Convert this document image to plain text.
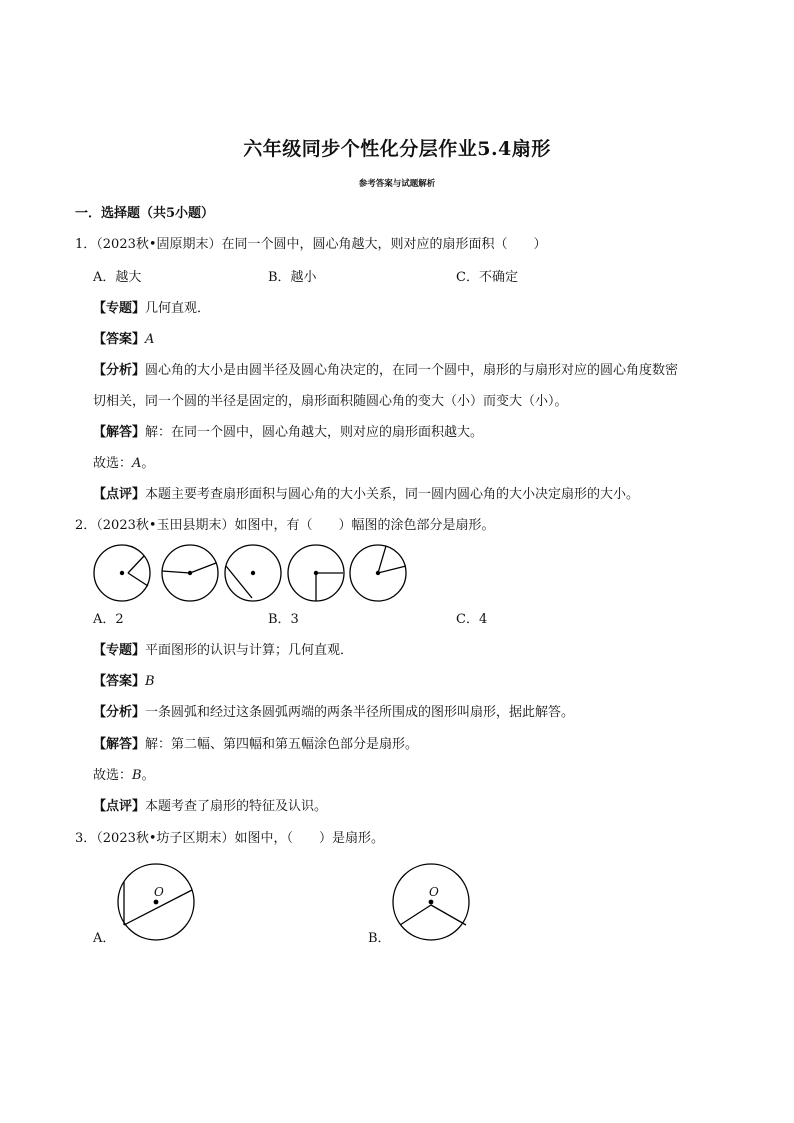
六年级同步个性化分层作业5.4扇形
参考答案与试题解析
一．选择题（共5小题）
1．（2023秋•固原期末）在同一个圆中，圆心角越大，则对应的扇形面积（　　）
A．越大	B．越小	C．不确定
【专题】几何直观．
【答案】A
【分析】圆心角的大小是由圆半径及圆心角决定的，在同一个圆中，扇形的与扇形对应的圆心角度数密
切相关，同一个圆的半径是固定的，扇形面积随圆心角的变大（小）而变大（小）。
【解答】解：在同一个圆中，圆心角越大，则对应的扇形面积越大。
故选：A。
【点评】本题主要考查扇形面积与圆心角的大小关系，同一圆内圆心角的大小决定扇形的大小。
2．（2023秋•玉田县期末）如图中，有（　　）幅图的涂色部分是扇形。
A．2	B．3	C．4
【专题】平面图形的认识与计算；几何直观．
【答案】B
【分析】一条圆弧和经过这条圆弧两端的两条半径所围成的图形叫扇形，据此解答。
【解答】解：第二幅、第四幅和第五幅涂色部分是扇形。
故选：B。
【点评】本题考查了扇形的特征及认识。
3．（2023秋•坊子区期末）如图中，（　　）是扇形。
O	O
A．	B．
